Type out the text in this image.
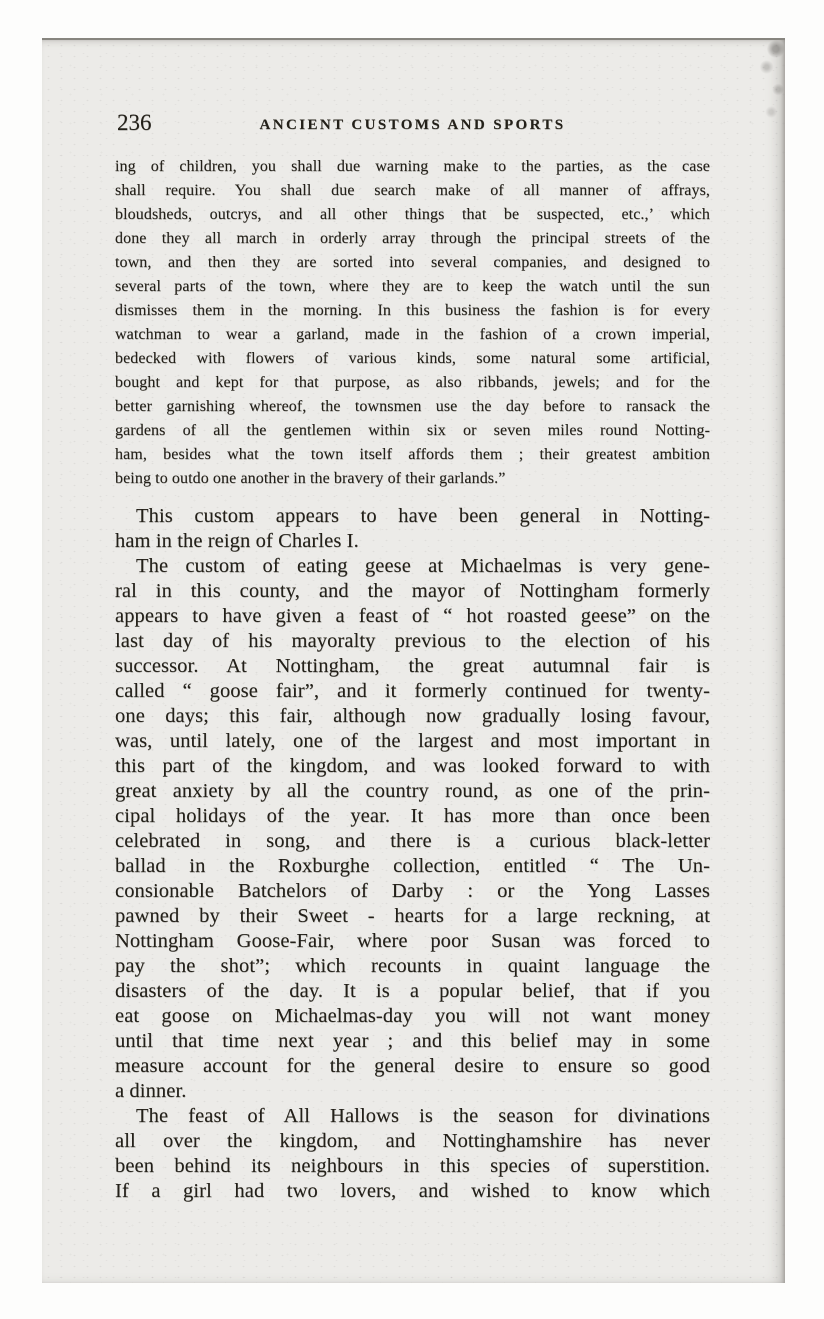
236	ANCIENT CUSTOMS AND SPORTS
ing of children, you shall due warning make to the parties, as the case
shall require. You shall due search make of all manner of affrays,
bloudsheds, outcrys, and all other things that be suspected, etc.,’ which
done they all march in orderly array through the principal streets of the
town, and then they are sorted into several companies, and designed to
several parts of the town, where they are to keep the watch until the sun
dismisses them in the morning. In this business the fashion is for every
watchman to wear a garland, made in the fashion of a crown imperial,
bedecked with flowers of various kinds, some natural some artificial,
bought and kept for that purpose, as also ribbands, jewels; and for the
better garnishing whereof, the townsmen use the day before to ransack the
gardens of all the gentlemen within six or seven miles round Notting-
ham, besides what the town itself affords them ; their greatest ambition
being to outdo one another in the bravery of their garlands.”
This custom appears to have been general in Notting-
ham in the reign of Charles I.
The custom of eating geese at Michaelmas is very gene-
ral in this county, and the mayor of Nottingham formerly
appears to have given a feast of “ hot roasted geese” on the
last day of his mayoralty previous to the election of his
successor. At Nottingham, the great autumnal fair is
called “ goose fair”, and it formerly continued for twenty-
one days; this fair, although now gradually losing favour,
was, until lately, one of the largest and most important in
this part of the kingdom, and was looked forward to with
great anxiety by all the country round, as one of the prin-
cipal holidays of the year. It has more than once been
celebrated in song, and there is a curious black-letter
ballad in the Roxburghe collection, entitled “ The Un-
consionable Batchelors of Darby : or the Yong Lasses
pawned by their Sweet - hearts for a large reckning, at
Nottingham Goose-Fair, where poor Susan was forced to
pay the shot”; which recounts in quaint language the
disasters of the day. It is a popular belief, that if you
eat goose on Michaelmas-day you will not want money
until that time next year ; and this belief may in some
measure account for the general desire to ensure so good
a dinner.
The feast of All Hallows is the season for divinations
all over the kingdom, and Nottinghamshire has never
been behind its neighbours in this species of superstition.
If a girl had two lovers, and wished to know which
